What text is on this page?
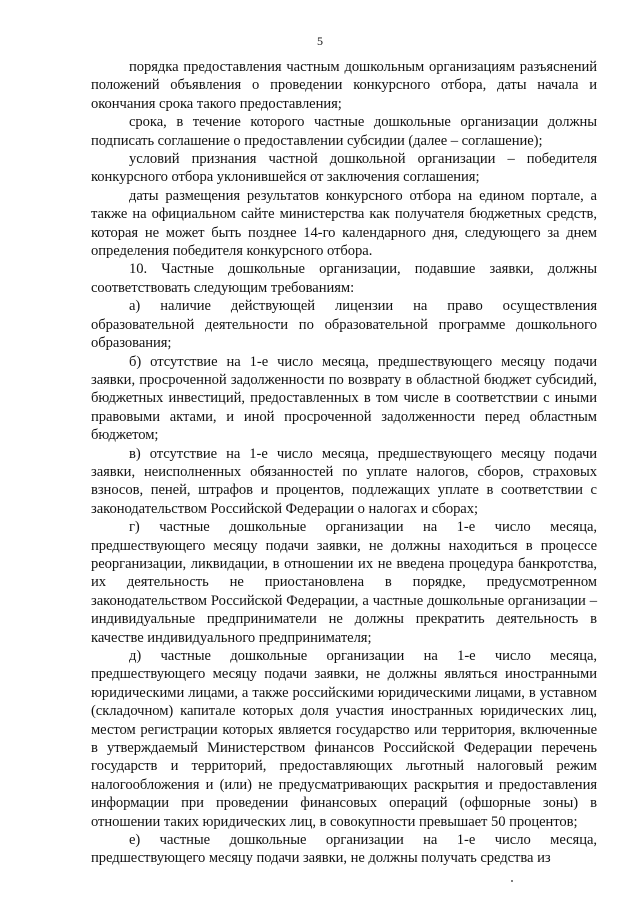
5

порядка предоставления частным дошкольным организациям разъяснений положений объявления о проведении конкурсного отбора, даты начала и окончания срока такого предоставления;

срока, в течение которого частные дошкольные организации должны подписать соглашение о предоставлении субсидии (далее – соглашение);

условий признания частной дошкольной организации – победителя конкурсного отбора уклонившейся от заключения соглашения;

даты размещения результатов конкурсного отбора на едином портале, а также на официальном сайте министерства как получателя бюджетных средств, которая не может быть позднее 14-го календарного дня, следующего за днем определения победителя конкурсного отбора.

10. Частные дошкольные организации, подавшие заявки, должны соответствовать следующим требованиям:

а) наличие действующей лицензии на право осуществления образовательной деятельности по образовательной программе дошкольного образования;

б) отсутствие на 1-е число месяца, предшествующего месяцу подачи заявки, просроченной задолженности по возврату в областной бюджет субсидий, бюджетных инвестиций, предоставленных в том числе в соответствии с иными правовыми актами, и иной просроченной задолженности перед областным бюджетом;

в) отсутствие на 1-е число месяца, предшествующего месяцу подачи заявки, неисполненных обязанностей по уплате налогов, сборов, страховых взносов, пеней, штрафов и процентов, подлежащих уплате в соответствии с законодательством Российской Федерации о налогах и сборах;

г) частные дошкольные организации на 1-е число месяца, предшествующего месяцу подачи заявки, не должны находиться в процессе реорганизации, ликвидации, в отношении их не введена процедура банкротства, их деятельность не приостановлена в порядке, предусмотренном законодательством Российской Федерации, а частные дошкольные организации – индивидуальные предприниматели не должны прекратить деятельность в качестве индивидуального предпринимателя;

д) частные дошкольные организации на 1-е число месяца, предшествующего месяцу подачи заявки, не должны являться иностранными юридическими лицами, а также российскими юридическими лицами, в уставном (складочном) капитале которых доля участия иностранных юридических лиц, местом регистрации которых является государство или территория, включенные в утверждаемый Министерством финансов Российской Федерации перечень государств и территорий, предоставляющих льготный налоговый режим налогообложения и (или) не предусматривающих раскрытия и предоставления информации при проведении финансовых операций (офшорные зоны) в отношении таких юридических лиц, в совокупности превышает 50 процентов;

е) частные дошкольные организации на 1-е число месяца, предшествующего месяцу подачи заявки, не должны получать средства из
